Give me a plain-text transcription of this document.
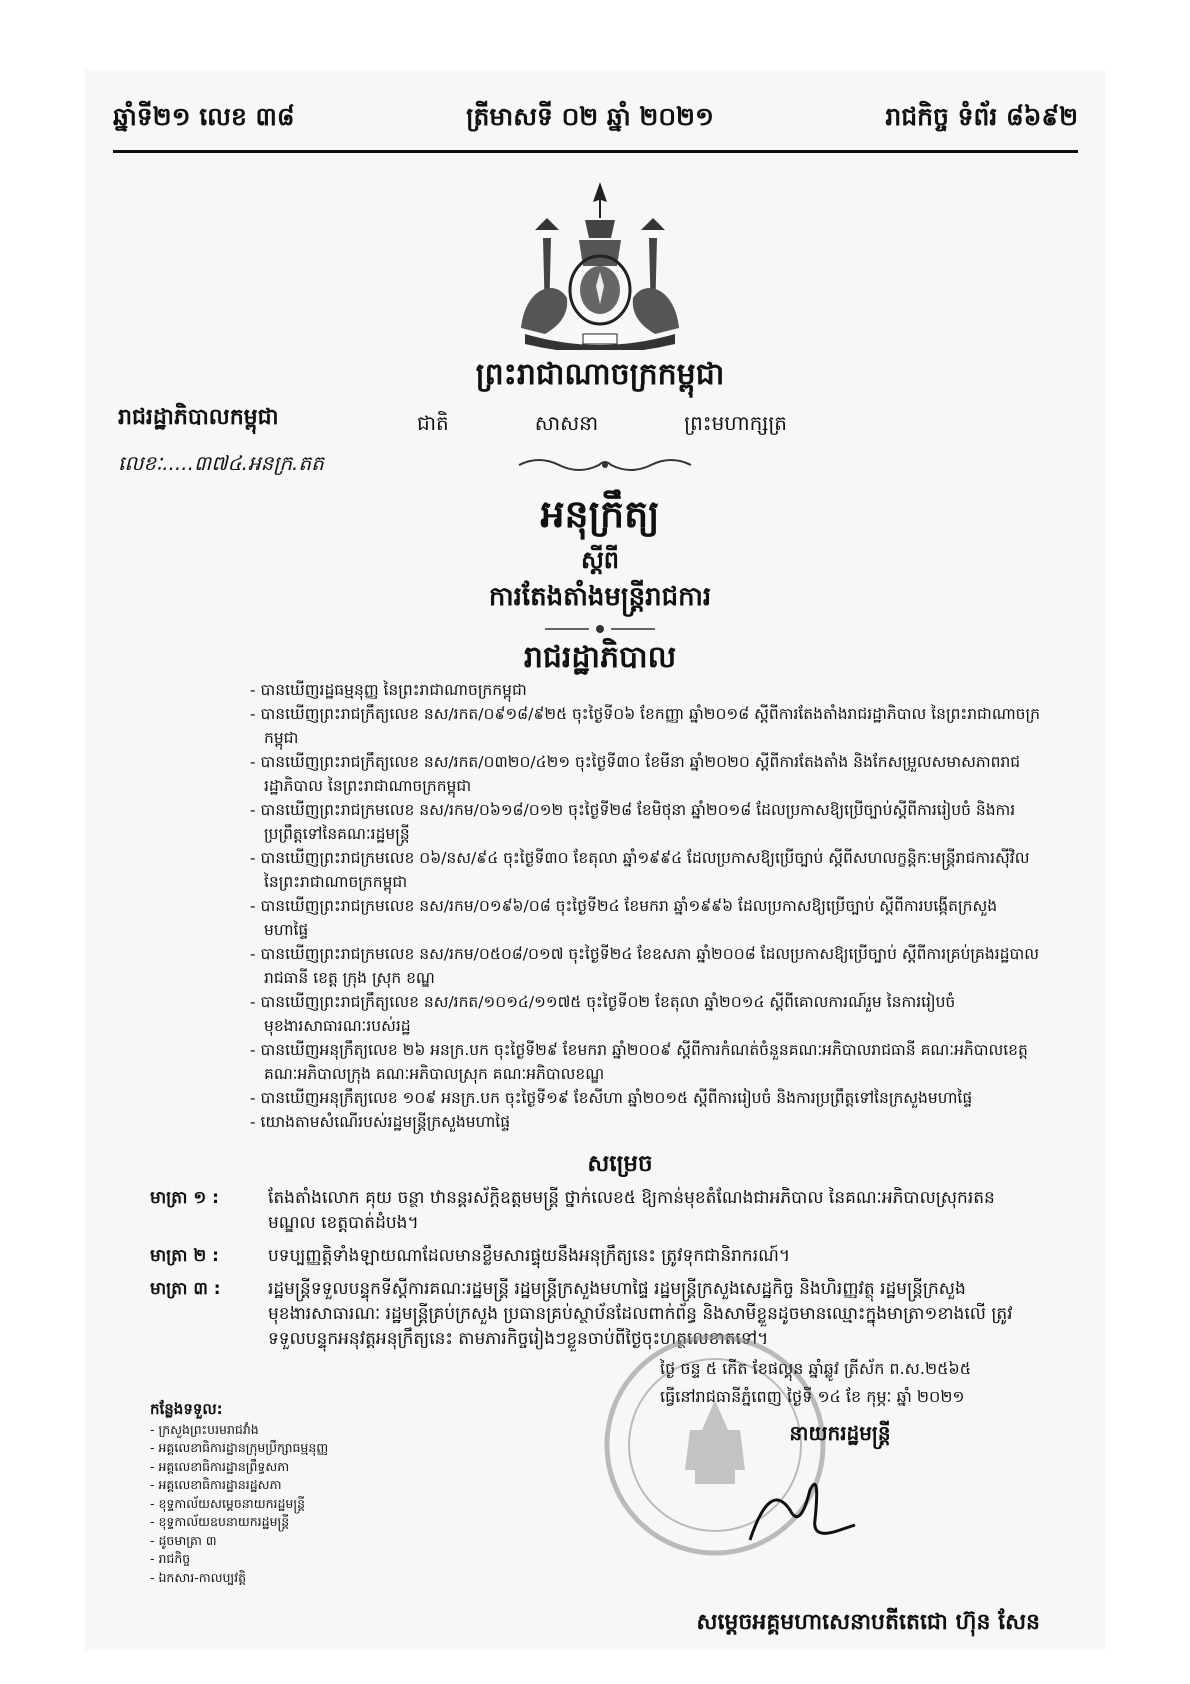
ឆ្នាំទី២១ លេខ ៣៨	ត្រីមាសទី ០២ ឆ្នាំ ២០២១	រាជកិច្ច ទំព័រ ៨៦៩២
ព្រះរាជាណាចក្រកម្ពុជា
ជាតិ	សាសនា	ព្រះមហាក្សត្រ
រាជរដ្ឋាភិបាលកម្ពុជា
លេខៈ.....៣៧៤.អនក្រ.តត
អនុក្រឹត្យ
ស្តីពី
ការតែងតាំងមន្ត្រីរាជការ
រាជរដ្ឋាភិបាល
- បានឃើញរដ្ឋធម្មនុញ្ញ នៃព្រះរាជាណាចក្រកម្ពុជា
- បានឃើញព្រះរាជក្រឹត្យលេខ នស/រកត/០៩១៨/៩២៥ ចុះថ្ងៃទី០៦ ខែកញ្ញា ឆ្នាំ២០១៨ ស្តីពីការតែងតាំងរាជរដ្ឋាភិបាល នៃព្រះរាជាណាចក្រកម្ពុជា
- បានឃើញព្រះរាជក្រឹត្យលេខ នស/រកត/០៣២០/៤២១ ចុះថ្ងៃទី៣០ ខែមីនា ឆ្នាំ២០២០ ស្តីពីការតែងតាំង និងកែសម្រួលសមាសភាពរាជរដ្ឋាភិបាល នៃព្រះរាជាណាចក្រកម្ពុជា
- បានឃើញព្រះរាជក្រមលេខ នស/រកម/០៦១៨/០១២ ចុះថ្ងៃទី២៨ ខែមិថុនា ឆ្នាំ២០១៨ ដែលប្រកាសឱ្យប្រើច្បាប់ស្តីពីការរៀបចំ និងការប្រព្រឹត្តទៅនៃគណៈរដ្ឋមន្ត្រី
- បានឃើញព្រះរាជក្រមលេខ ០៦/នស/៩៤ ចុះថ្ងៃទី៣០ ខែតុលា ឆ្នាំ១៩៩៤ ដែលប្រកាសឱ្យប្រើច្បាប់ ស្តីពីសហលក្ខន្តិកៈមន្ត្រីរាជការស៊ីវិល នៃព្រះរាជាណាចក្រកម្ពុជា
- បានឃើញព្រះរាជក្រមលេខ នស/រកម/០១៩៦/០៨ ចុះថ្ងៃទី២៤ ខែមករា ឆ្នាំ១៩៩៦ ដែលប្រកាសឱ្យប្រើច្បាប់ ស្តីពីការបង្កើតក្រសួងមហាផ្ទៃ
- បានឃើញព្រះរាជក្រមលេខ នស/រកម/០៥០៨/០១៧ ចុះថ្ងៃទី២៤ ខែឧសភា ឆ្នាំ២០០៨ ដែលប្រកាសឱ្យប្រើច្បាប់ ស្តីពីការគ្រប់គ្រងរដ្ឋបាលរាជធានី ខេត្ត ក្រុង ស្រុក ខណ្ឌ
- បានឃើញព្រះរាជក្រឹត្យលេខ នស/រកត/១០១៤/១១៧៥ ចុះថ្ងៃទី០២ ខែតុលា ឆ្នាំ២០១៤ ស្តីពីគោលការណ៍រួម នៃការរៀបចំមុខងារសាធារណៈរបស់រដ្ឋ
- បានឃើញអនុក្រឹត្យលេខ ២៦ អនក្រ.បក ចុះថ្ងៃទី២៩ ខែមករា ឆ្នាំ២០០៩ ស្តីពីការកំណត់ចំនួនគណៈអភិបាលរាជធានី គណៈអភិបាលខេត្ត គណៈអភិបាលក្រុង គណៈអភិបាលស្រុក គណៈអភិបាលខណ្ឌ
- បានឃើញអនុក្រឹត្យលេខ ១០៩ អនក្រ.បក ចុះថ្ងៃទី១៩ ខែសីហា ឆ្នាំ២០១៥ ស្តីពីការរៀបចំ និងការប្រព្រឹត្តទៅនៃក្រសួងមហាផ្ទៃ
- យោងតាមសំណើរបស់រដ្ឋមន្ត្រីក្រសួងមហាផ្ទៃ
សម្រេច
មាត្រា ១ :	តែងតាំងលោក គុយ ចន្ថា ឋានន្តរស័ក្តិឧត្តមមន្ត្រី ថ្នាក់លេខ៥ ឱ្យកាន់មុខតំណែងជាអភិបាល នៃគណៈអភិបាលស្រុករតនមណ្ឌល ខេត្តបាត់ដំបង។
មាត្រា ២ :	បទប្បញ្ញត្តិទាំងឡាយណាដែលមានខ្លឹមសារផ្ទុយនឹងអនុក្រឹត្យនេះ ត្រូវទុកជានិរាករណ៍។
មាត្រា ៣ :	រដ្ឋមន្ត្រីទទួលបន្ទុកទីស្តីការគណៈរដ្ឋមន្ត្រី រដ្ឋមន្ត្រីក្រសួងមហាផ្ទៃ រដ្ឋមន្ត្រីក្រសួងសេដ្ឋកិច្ច និងហិរញ្ញវត្ថុ រដ្ឋមន្ត្រីក្រសួងមុខងារសាធារណៈ រដ្ឋមន្ត្រីគ្រប់ក្រសួង ប្រធានគ្រប់ស្ថាប័នដែលពាក់ព័ន្ធ និងសាមីខ្លួនដូចមានឈ្មោះក្នុងមាត្រា១ខាងលើ ត្រូវទទួលបន្ទុកអនុវត្តអនុក្រឹត្យនេះ តាមភារកិច្ចរៀងៗខ្លួនចាប់ពីថ្ងៃចុះហត្ថលេខាតទៅ។
ថ្ងៃ ចន្ទ ៥ កើត ខែផល្គុន ឆ្នាំឆ្លូវ ត្រីស័ក ព.ស.២៥៦៥
ធ្វើនៅរាជធានីភ្នំពេញ ថ្ងៃទី ១៤ ខែ កុម្ភៈ ឆ្នាំ ២០២១
នាយករដ្ឋមន្ត្រី
កន្លែងទទួល:
- ក្រសួងព្រះបរមរាជវាំង
- អគ្គលេខាធិការដ្ឋានក្រុមប្រឹក្សាធម្មនុញ្ញ
- អគ្គលេខាធិការដ្ឋានព្រឹទ្ធសភា
- អគ្គលេខាធិការដ្ឋានរដ្ឋសភា
- ខុទ្ទកាល័យសម្តេចនាយករដ្ឋមន្ត្រី
- ខុទ្ទកាល័យឧបនាយករដ្ឋមន្ត្រី
- ដូចមាត្រា ៣
- រាជកិច្ច
- ឯកសារ-កាលប្បវត្តិ
សម្តេចអគ្គមហាសេនាបតីតេជោ ហ៊ុន សែន
